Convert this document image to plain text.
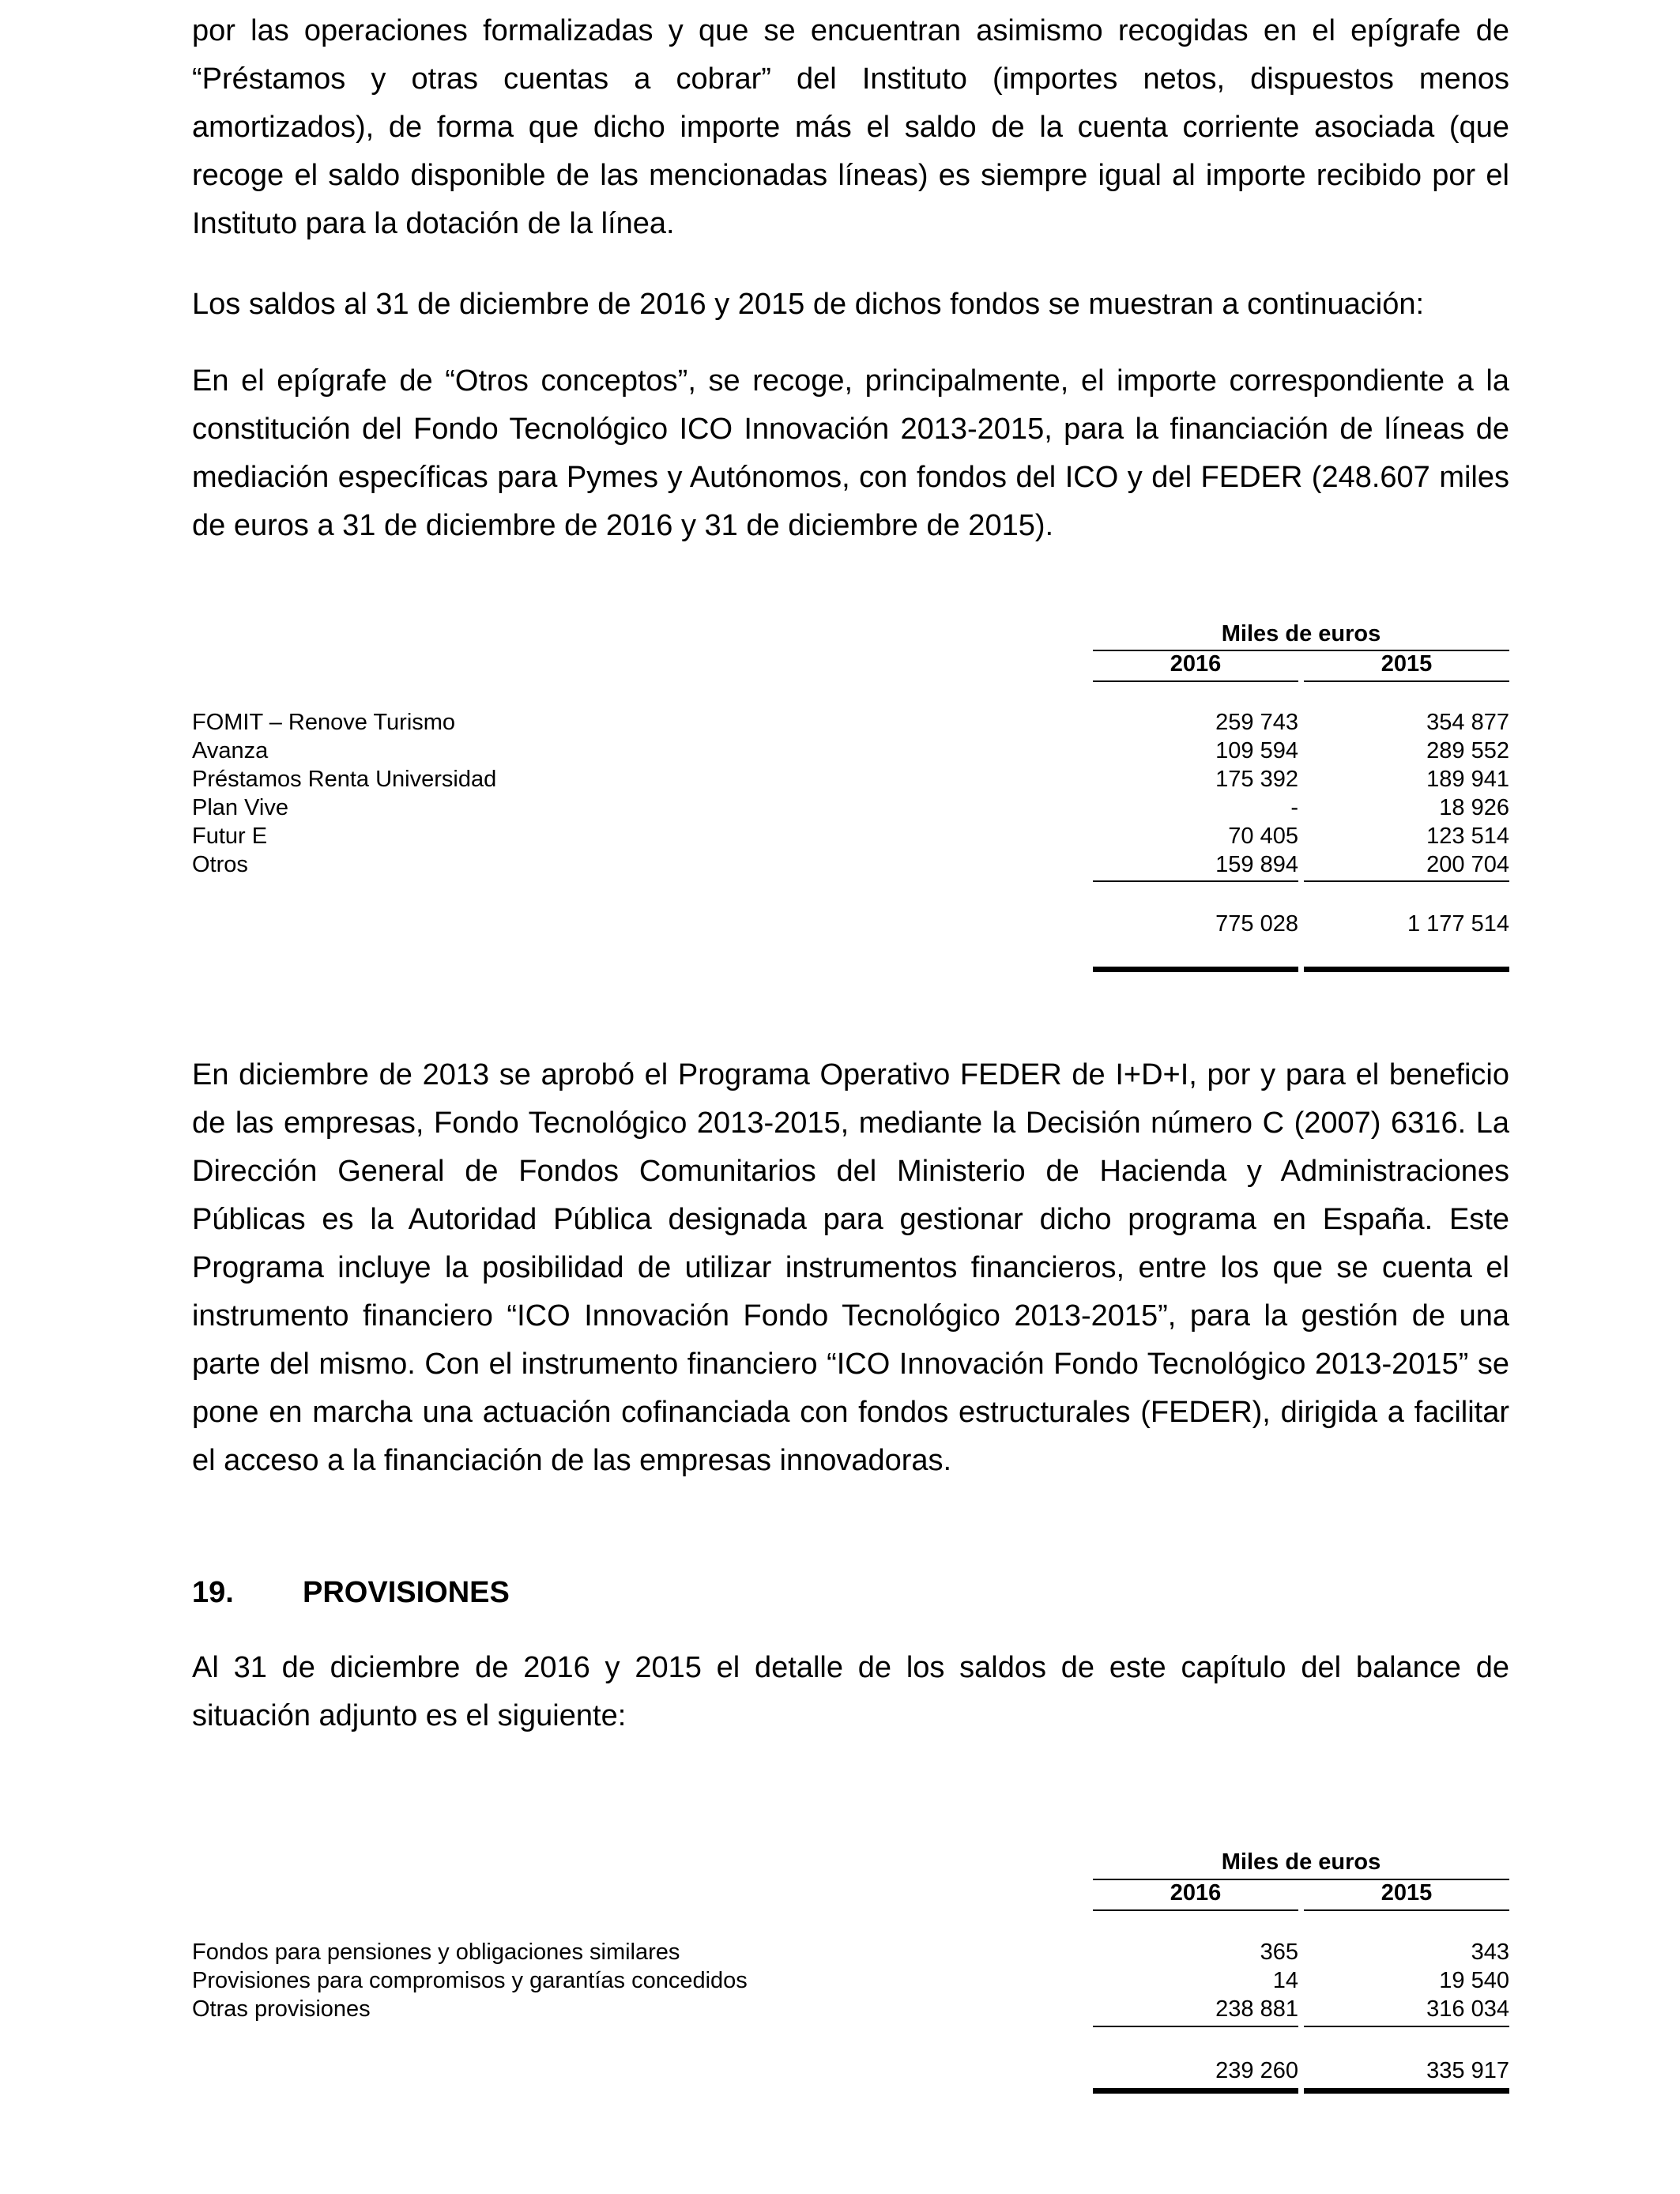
por las operaciones formalizadas y que se encuentran asimismo recogidas en el epígrafe de “Préstamos y otras cuentas a cobrar” del Instituto (importes netos, dispuestos menos amortizados), de forma que dicho importe más el saldo de la cuenta corriente asociada (que recoge el saldo disponible de las mencionadas líneas) es siempre igual al importe recibido por el Instituto para la dotación de la línea.

Los saldos al 31 de diciembre de 2016 y 2015 de dichos fondos se muestran a continuación:

En el epígrafe de “Otros conceptos”, se recoge, principalmente, el importe correspondiente a la constitución del Fondo Tecnológico ICO Innovación 2013-2015, para la financiación de líneas de mediación específicas para Pymes y Autónomos, con fondos del ICO y del FEDER (248.607 miles de euros a 31 de diciembre de 2016 y 31 de diciembre de 2015).

Miles de euros
2016	2015
FOMIT – Renove Turismo	259 743	354 877
Avanza	109 594	289 552
Préstamos Renta Universidad	175 392	189 941
Plan Vive	-	18 926
Futur E	70 405	123 514
Otros	159 894	200 704
775 028	1 177 514

En diciembre de 2013 se aprobó el Programa Operativo FEDER de I+D+I, por y para el beneficio de las empresas, Fondo Tecnológico 2013-2015, mediante la Decisión número C (2007) 6316. La Dirección General de Fondos Comunitarios del Ministerio de Hacienda y Administraciones Públicas es la Autoridad Pública designada para gestionar dicho programa en España. Este Programa incluye la posibilidad de utilizar instrumentos financieros, entre los que se cuenta el instrumento financiero “ICO Innovación Fondo Tecnológico 2013-2015”, para la gestión de una parte del mismo. Con el instrumento financiero “ICO Innovación Fondo Tecnológico 2013-2015” se pone en marcha una actuación cofinanciada con fondos estructurales (FEDER), dirigida a facilitar el acceso a la financiación de las empresas innovadoras.

19. PROVISIONES

Al 31 de diciembre de 2016 y 2015 el detalle de los saldos de este capítulo del balance de situación adjunto es el siguiente:

Miles de euros
2016	2015
Fondos para pensiones y obligaciones similares	365	343
Provisiones para compromisos y garantías concedidos	14	19 540
Otras provisiones	238 881	316 034
239 260	335 917
